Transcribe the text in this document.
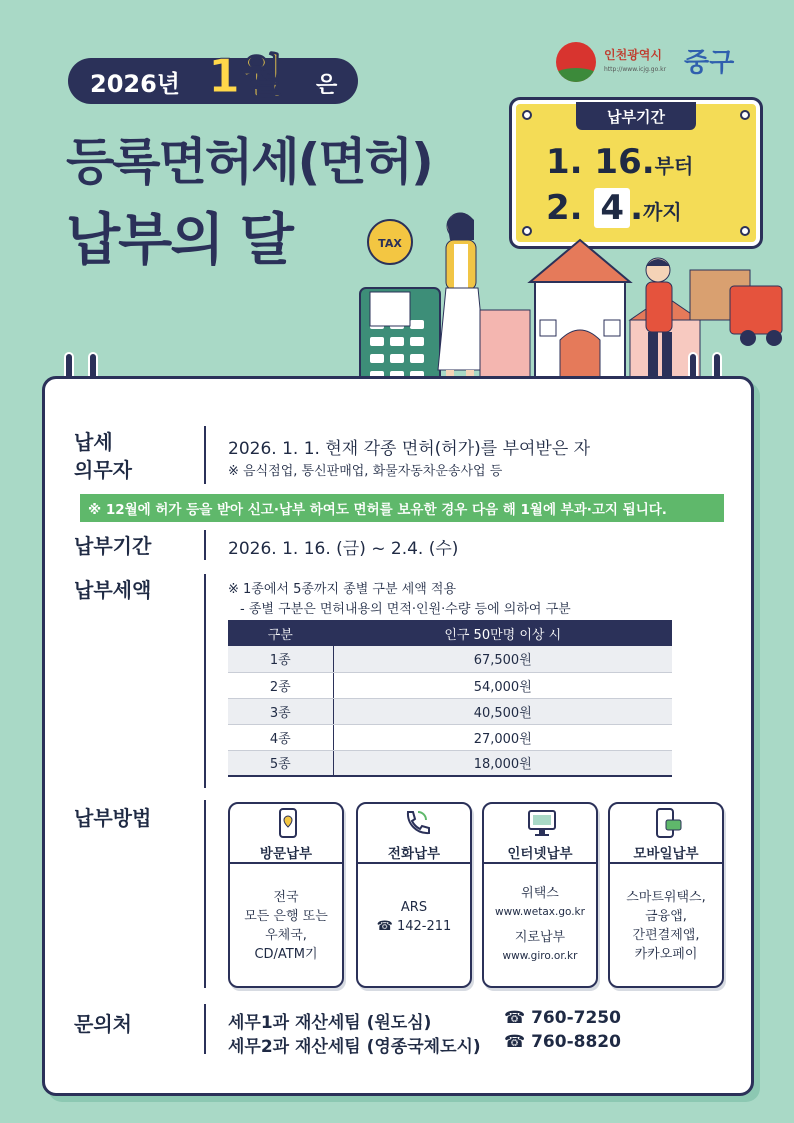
2026년 1월 은
등록면허세(면허)
납부의 달
인천광역시
http://www.icjg.go.kr 중구
납부기간
1. 16.부터
2. 4 .까지
TAX
납세
의무자
2026. 1. 1. 현재 각종 면허(허가)를 부여받은 자
※ 음식점업, 통신판매업, 화물자동차운송사업 등
※ 12월에 허가 등을 받아 신고·납부 하여도 면허를 보유한 경우 다음 해 1월에 부과·고지 됩니다.
납부기간	2026. 1. 16. (금) ~ 2.4. (수)
납부세액	※ 1종에서 5종까지 종별 구분 세액 적용
- 종별 구분은 면허내용의 면적·인원·수량 등에 의하여 구분
구분	인구 50만명 이상 시
1종	67,500원
2종	54,000원
3종	40,500원
4종	27,000원
5종	18,000원
납부방법
방문납부
전국
모든 은행 또는
우체국,
CD/ATM기
전화납부
ARS
☎ 142-211
인터넷납부
위택스
www.wetax.go.kr
지로납부
www.giro.or.kr
모바일납부
스마트위택스,
금융앱,
간편결제앱,
카카오페이
문의처	세무1과 재산세팀 (원도심)	☎ 760-7250
세무2과 재산세팀 (영종국제도시) ☎ 760-8820
